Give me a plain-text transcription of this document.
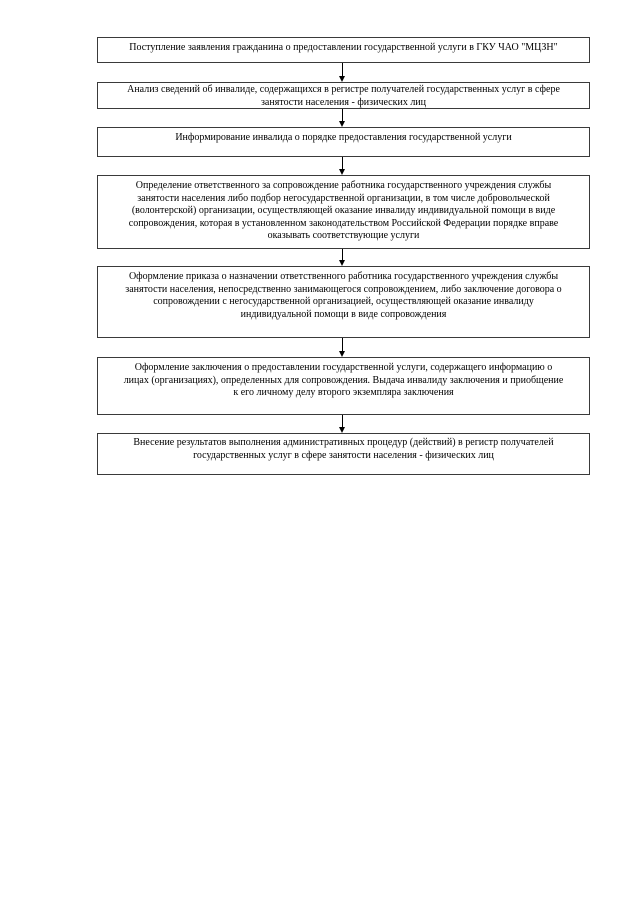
Поступление заявления гражданина о предоставлении государственной услуги в ГКУ ЧАО "МЦЗН"
Анализ сведений об инвалиде, содержащихся в регистре получателей государственных услуг в сфере
занятости населения - физических лиц
Информирование инвалида о порядке предоставления государственной услуги
Определение ответственного за сопровождение работника государственного учреждения службы
занятости населения либо подбор негосударственной организации, в том числе добровольческой
(волонтерской) организации, осуществляющей оказание инвалиду индивидуальной помощи в виде
сопровождения, которая в установленном законодательством Российской Федерации порядке вправе
оказывать соответствующие услуги
Оформление приказа о назначении ответственного работника государственного учреждения службы
занятости населения, непосредственно занимающегося сопровождением, либо заключение договора о
сопровождении с негосударственной организацией, осуществляющей оказание инвалиду
индивидуальной помощи в виде сопровождения
Оформление заключения о предоставлении государственной услуги, содержащего информацию о
лицах (организациях), определенных для сопровождения. Выдача инвалиду заключения и приобщение
к его личному делу второго экземпляра заключения
Внесение результатов выполнения административных процедур (действий) в регистр получателей
государственных услуг в сфере занятости населения - физических лиц
